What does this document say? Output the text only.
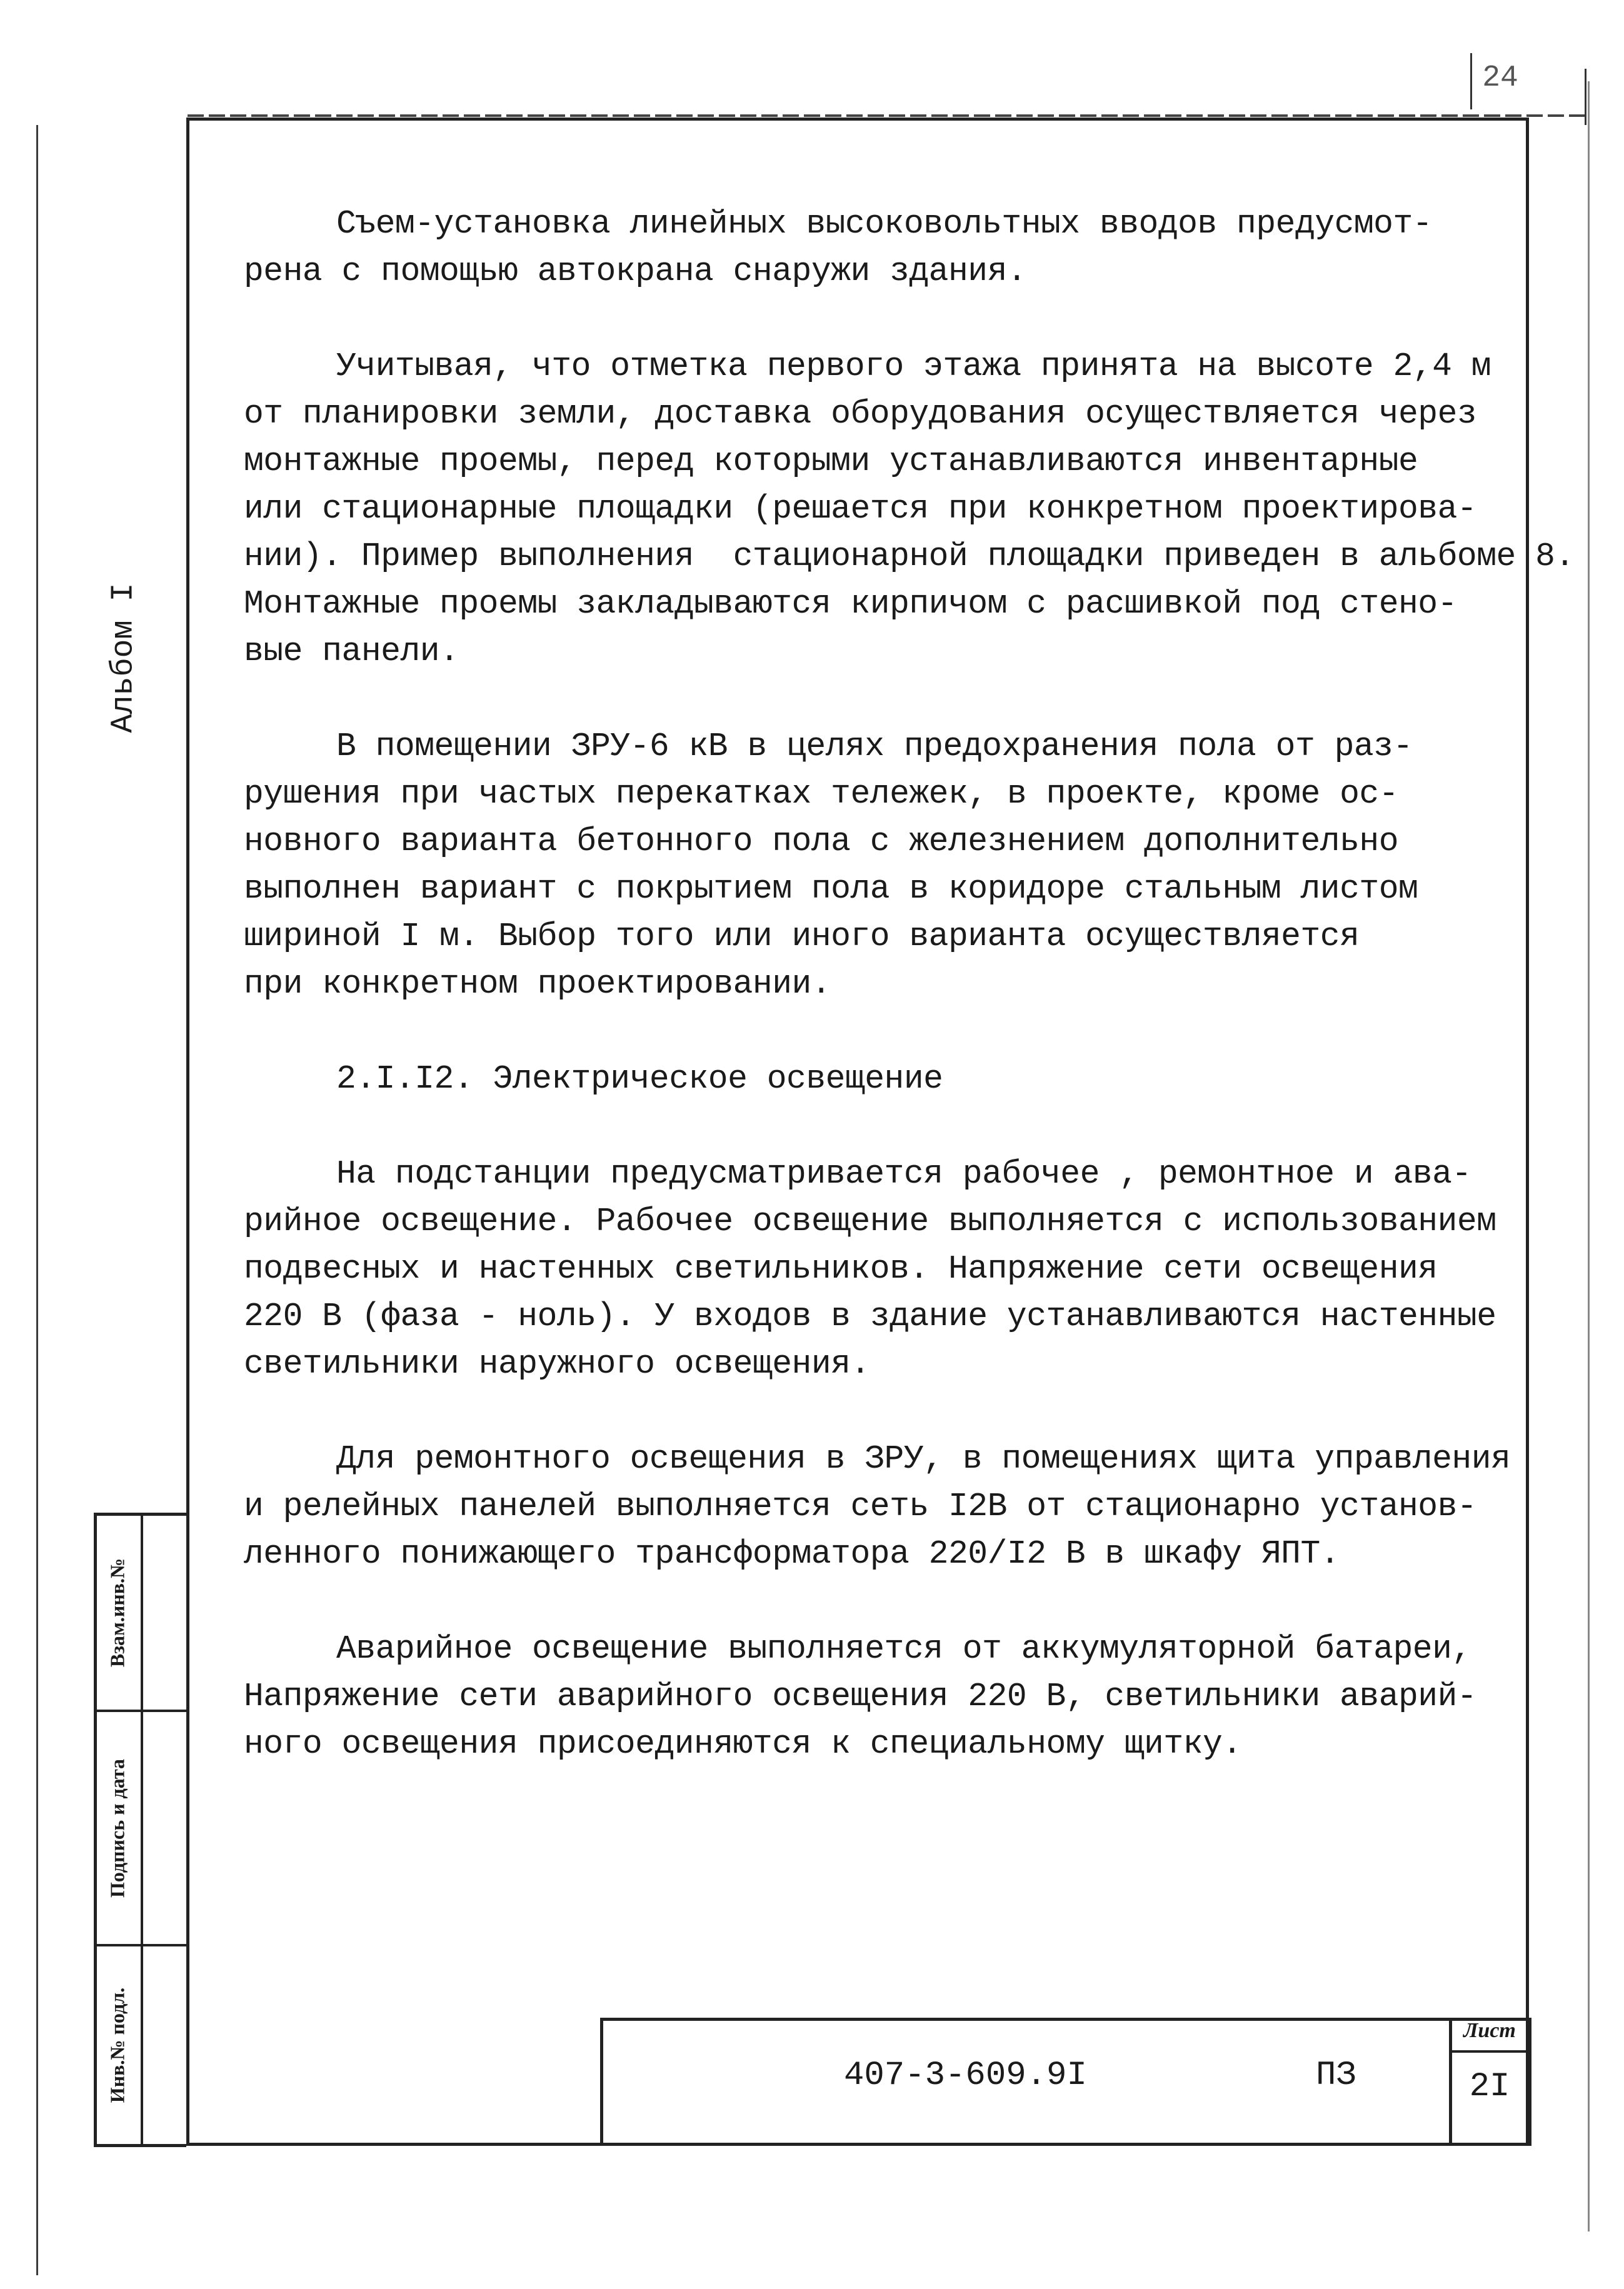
24
Альбом I
Взам.инв.№
Подпись и дата
Инв.№ подл.
Съем-установка линейных высоковольтных вводов предусмот-
рена с помощью автокрана снаружи здания.
Учитывая, что отметка первого этажа принята на высоте 2,4 м
от планировки земли, доставка оборудования осуществляется через
монтажные проемы, перед которыми устанавливаются инвентарные
или стационарные площадки (решается при конкретном проектирова-
нии). Пример выполнения  стационарной площадки приведен в альбоме 8.
Монтажные проемы закладываются кирпичом с расшивкой под стено-
вые панели.
В помещении ЗРУ-6 кВ в целях предохранения пола от раз-
рушения при частых перекатках тележек, в проекте, кроме ос-
новного варианта бетонного пола с железнением дополнительно
выполнен вариант с покрытием пола в коридоре стальным листом
шириной I м. Выбор того или иного варианта осуществляется
при конкретном проектировании.
2.I.I2. Электрическое освещение
На подстанции предусматривается рабочее , ремонтное и ава-
рийное освещение. Рабочее освещение выполняется с использованием
подвесных и настенных светильников. Напряжение сети освещения
220 В (фаза - ноль). У входов в здание устанавливаются настенные
светильники наружного освещения.
Для ремонтного освещения в ЗРУ, в помещениях щита управления
и релейных панелей выполняется сеть I2В от стационарно установ-
ленного понижающего трансформатора 220/I2 В в шкафу ЯПТ.
Аварийное освещение выполняется от аккумуляторной батареи,
Напряжение сети аварийного освещения 220 В, светильники аварий-
ного освещения присоединяются к специальному щитку.
407-3-609.9I	ПЗ
Лист
2I
